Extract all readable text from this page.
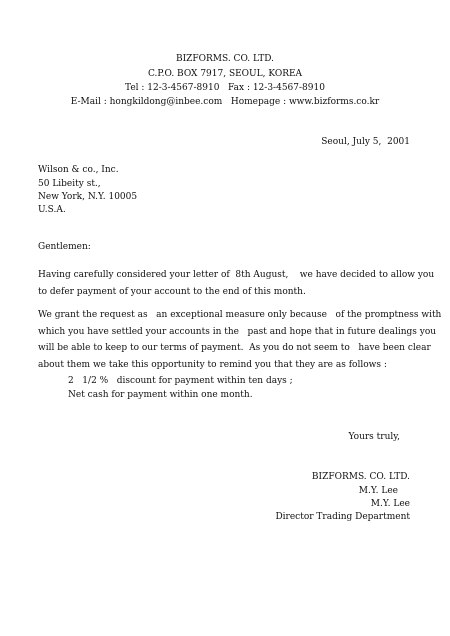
BIZFORMS. CO. LTD.
C.P.O. BOX 7917, SEOUL, KOREA
Tel : 12-3-4567-8910   Fax : 12-3-4567-8910
E-Mail : hongkildong@inbee.com   Homepage : www.bizforms.co.kr
Seoul, July 5,  2001
Wilson & co., Inc.
50 Libeity st.,
New York, N.Y. 10005
U.S.A.
Gentlemen:
Having carefully considered your letter of  8th August,    we have decided to allow you
to defer payment of your account to the end of this month.
We grant the request as   an exceptional measure only because   of the promptness with
which you have settled your accounts in the   past and hope that in future dealings you
will be able to keep to our terms of payment.  As you do not seem to   have been clear
about them we take this opportunity to remind you that they are as follows :
2   1/2 %   discount for payment within ten days ;
Net cash for payment within one month.
Yours truly,
BIZFORMS. CO. LTD.
M.Y. Lee
M.Y. Lee
Director Trading Department
